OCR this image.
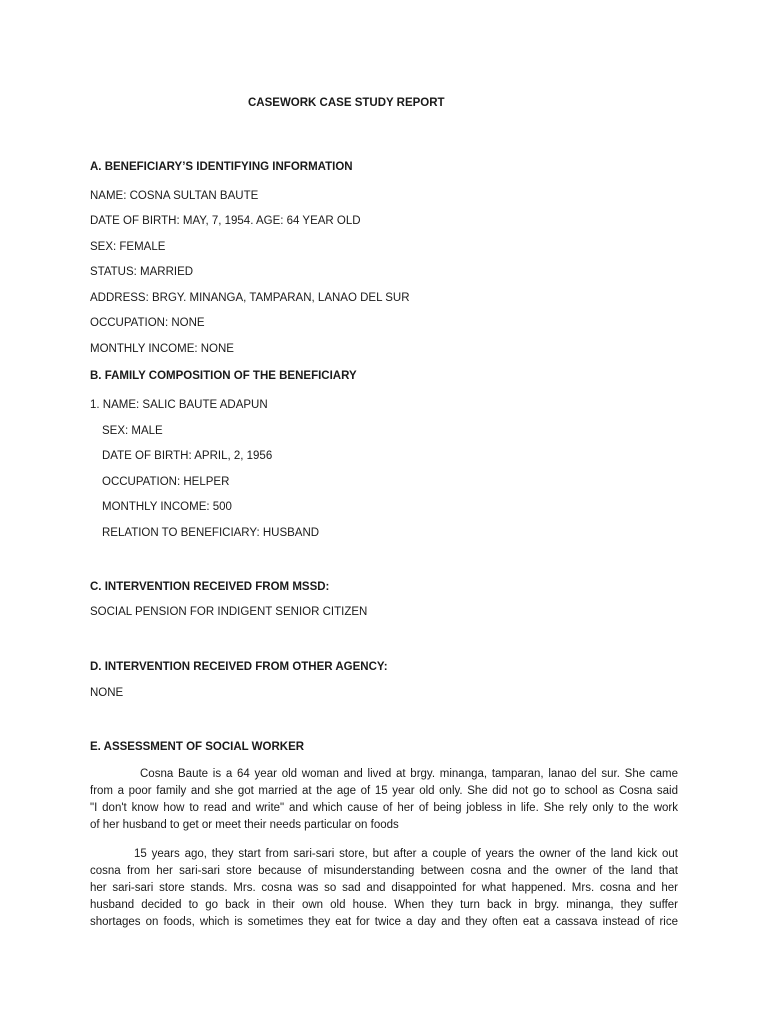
CASEWORK CASE STUDY REPORT
A. BENEFICIARY’S IDENTIFYING INFORMATION
NAME: COSNA SULTAN BAUTE
DATE OF BIRTH: MAY, 7, 1954. AGE: 64 YEAR OLD
SEX: FEMALE
STATUS: MARRIED
ADDRESS: BRGY. MINANGA, TAMPARAN, LANAO DEL SUR
OCCUPATION: NONE
MONTHLY INCOME: NONE
B. FAMILY COMPOSITION OF THE BENEFICIARY
1. NAME: SALIC BAUTE ADAPUN
SEX: MALE
DATE OF BIRTH: APRIL, 2, 1956
OCCUPATION: HELPER
MONTHLY INCOME: 500
RELATION TO BENEFICIARY: HUSBAND
C. INTERVENTION RECEIVED FROM MSSD:
SOCIAL PENSION FOR INDIGENT SENIOR CITIZEN
D. INTERVENTION RECEIVED FROM OTHER AGENCY:
NONE
E. ASSESSMENT OF SOCIAL WORKER
Cosna Baute is a 64 year old woman and lived at brgy. minanga, tamparan, lanao del sur. She came
from a poor family and she got married at the age of 15 year old only. She did not go to school as Cosna said
"I don't know how to read and write" and which cause of her of being jobless in life. She rely only to the work
of her husband to get or meet their needs particular on foods
15 years ago, they start from sari-sari store, but after a couple of years the owner of the land kick out
cosna from her sari-sari store because of misunderstanding between cosna and the owner of the land that
her sari-sari store stands. Mrs. cosna was so sad and disappointed for what happened. Mrs. cosna and her
husband decided to go back in their own old house. When they turn back in brgy. minanga, they suffer
shortages on foods, which is sometimes they eat for twice a day and they often eat a cassava instead of rice
